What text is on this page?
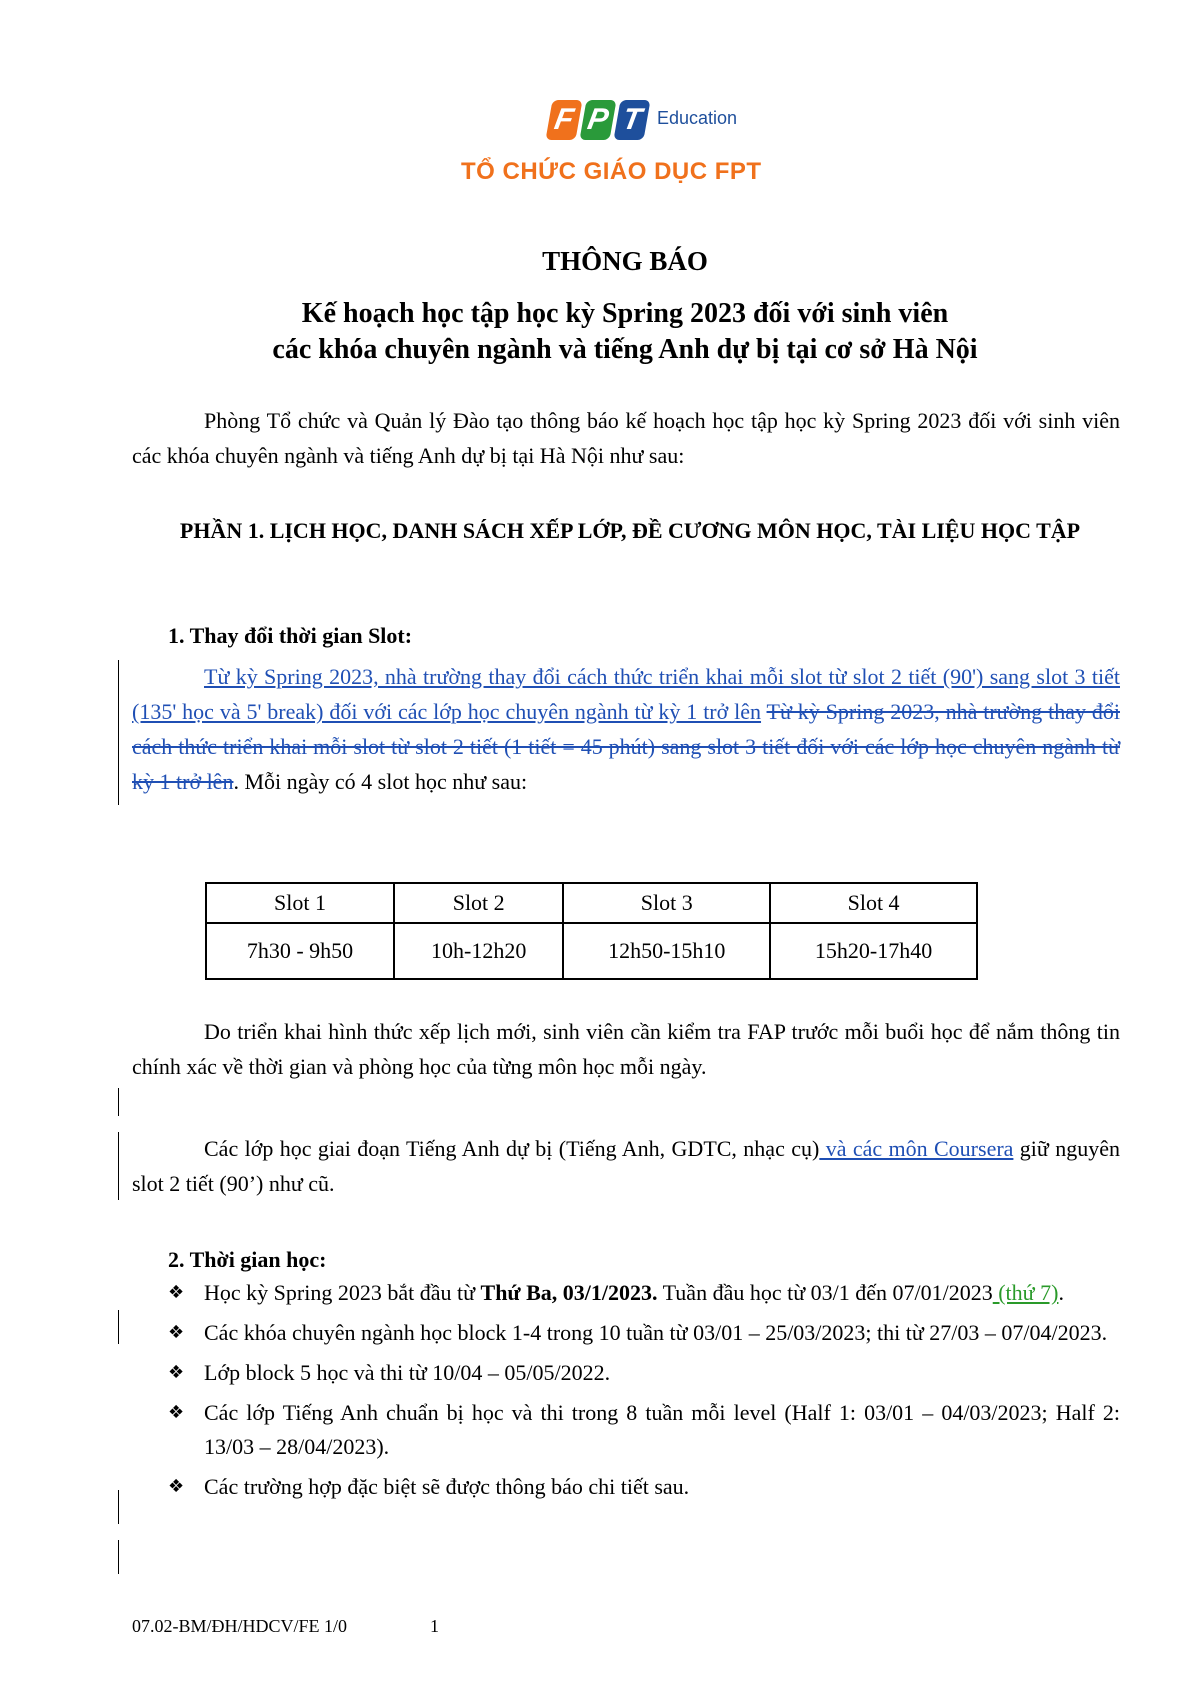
F P T Education
TỔ CHỨC GIÁO DỤC FPT
THÔNG BÁO
Kế hoạch học tập học kỳ Spring 2023 đối với sinh viên
các khóa chuyên ngành và tiếng Anh dự bị tại cơ sở Hà Nội
Phòng Tổ chức và Quản lý Đào tạo thông báo kế hoạch học tập học kỳ Spring 2023 đối với sinh viên các khóa chuyên ngành và tiếng Anh dự bị tại Hà Nội như sau:
PHẦN 1. LỊCH HỌC, DANH SÁCH XẾP LỚP, ĐỀ CƯƠNG MÔN HỌC, TÀI LIỆU HỌC TẬP
1. Thay đổi thời gian Slot:
Từ kỳ Spring 2023, nhà trường thay đổi cách thức triển khai mỗi slot từ slot 2 tiết (90') sang slot 3 tiết (135' học và 5' break) đối với các lớp học chuyên ngành từ kỳ 1 trở lên Từ kỳ Spring 2023, nhà trường thay đổi cách thức triển khai mỗi slot từ slot 2 tiết (1 tiết = 45 phút) sang slot 3 tiết đối với các lớp học chuyên ngành từ kỳ 1 trở lên. Mỗi ngày có 4 slot học như sau:
Slot 1	Slot 2	Slot 3	Slot 4
7h30 - 9h50	10h-12h20	12h50-15h10	15h20-17h40
Do triển khai hình thức xếp lịch mới, sinh viên cần kiểm tra FAP trước mỗi buổi học để nắm thông tin chính xác về thời gian và phòng học của từng môn học mỗi ngày.
Các lớp học giai đoạn Tiếng Anh dự bị (Tiếng Anh, GDTC, nhạc cụ) và các môn Coursera giữ nguyên slot 2 tiết (90’) như cũ.
2. Thời gian học:
❖ Học kỳ Spring 2023 bắt đầu từ Thứ Ba, 03/1/2023. Tuần đầu học từ 03/1 đến 07/01/2023 (thứ 7).
❖ Các khóa chuyên ngành học block 1-4 trong 10 tuần từ 03/01 – 25/03/2023; thi từ 27/03 – 07/04/2023.
❖ Lớp block 5 học và thi từ 10/04 – 05/05/2022.
❖ Các lớp Tiếng Anh chuẩn bị học và thi trong 8 tuần mỗi level (Half 1: 03/01 – 04/03/2023; Half 2: 13/03 – 28/04/2023).
❖ Các trường hợp đặc biệt sẽ được thông báo chi tiết sau.
07.02-BM/ĐH/HDCV/FE 1/0	1
